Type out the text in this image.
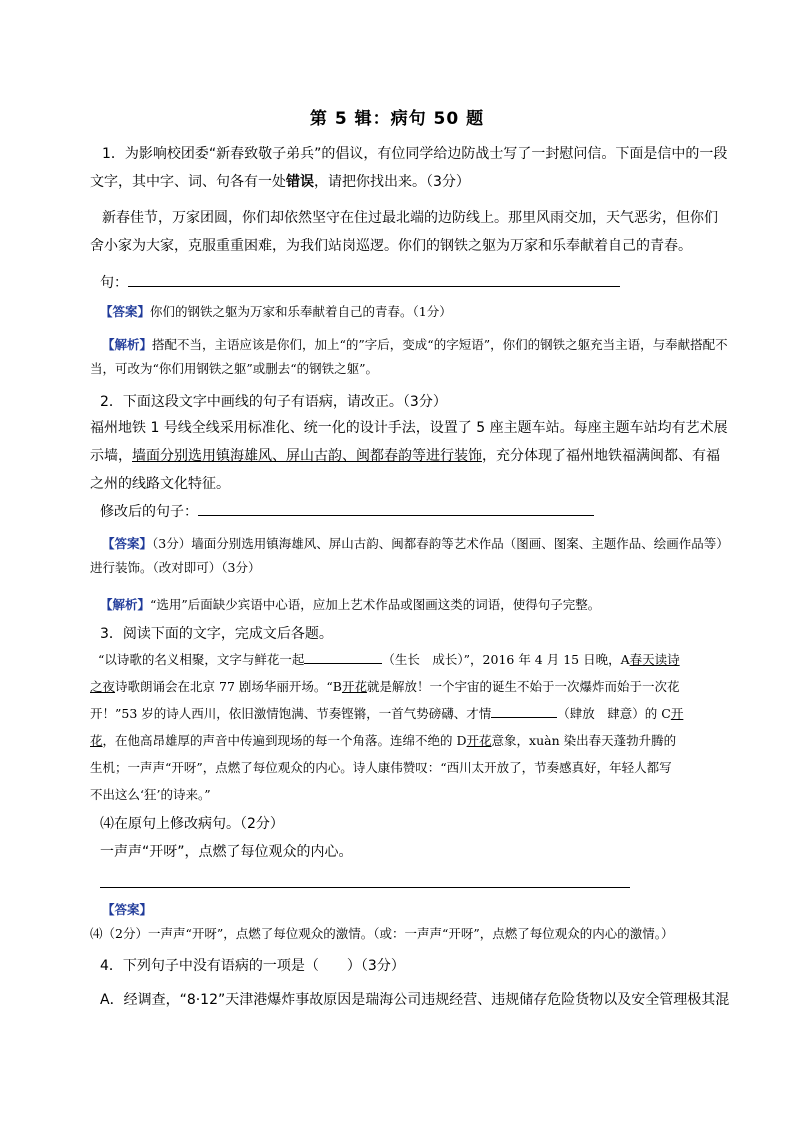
第 5 辑：病句 50 题
1．为影响校团委“新春致敬子弟兵”的倡议，有位同学给边防战士写了一封慰问信。下面是信中的一段文字，其中字、词、句各有一处错误，请把你找出来。（3分）
新春佳节，万家团圆，你们却依然坚守在住过最北端的边防线上。那里风雨交加，天气恶劣，但你们舍小家为大家，克服重重困难，为我们站岗巡逻。你们的钢铁之躯为万家和乐奉献着自己的青春。
句：
【答案】你们的钢铁之躯为万家和乐奉献着自己的青春。（1分）
【解析】搭配不当，主语应该是你们，加上“的”字后，变成“的字短语”，你们的钢铁之躯充当主语，与奉献搭配不当，可改为“你们用钢铁之躯”或删去“的钢铁之躯”。
2．下面这段文字中画线的句子有语病，请改正。（3分）
福州地铁 1 号线全线采用标准化、统一化的设计手法，设置了 5 座主题车站。每座主题车站均有艺术展示墙，墙面分别选用镇海雄风、屏山古韵、闽都春韵等进行装饰，充分体现了福州地铁福满闽都、有福之州的线路文化特征。
修改后的句子：
【答案】（3分）墙面分别选用镇海雄风、屏山古韵、闽都春韵等艺术作品（图画、图案、主题作品、绘画作品等）进行装饰。（改对即可）（3分）
【解析】“选用”后面缺少宾语中心语，应加上艺术作品或图画这类的词语，使得句子完整。
3．阅读下面的文字，完成文后各题。
“以诗歌的名义相聚，文字与鲜花一起	（生长　成长）”，2016 年 4 月 15 日晚，A春天读诗
之夜诗歌朗诵会在北京 77 剧场华丽开场。“B开花就是解放！一个宇宙的诞生不始于一次爆炸而始于一次花
开！”53 岁的诗人西川，依旧激情饱满、节奏铿锵，一首气势磅礴、才情	（肆放　肆意）的 C开
花，在他高昂雄厚的声音中传遍到现场的每一个角落。连绵不绝的 D开花意象，xuàn 染出春天蓬勃升腾的
生机；一声声“开呀”，点燃了每位观众的内心。诗人康伟赞叹：“西川太开放了，节奏感真好，年轻人都写
不出这么‘狂’的诗来。”
⑷在原句上修改病句。（2分）
一声声“开呀”，点燃了每位观众的内心。
【答案】⑷（2分）一声声“开呀”，点燃了每位观众的激情。（或：一声声“开呀”，点燃了每位观众的内心的激情。）
4．下列句子中没有语病的一项是（　　）（3分）
A．经调查，“8·12”天津港爆炸事故原因是瑞海公司违规经营、违规储存危险货物以及安全管理极其混
